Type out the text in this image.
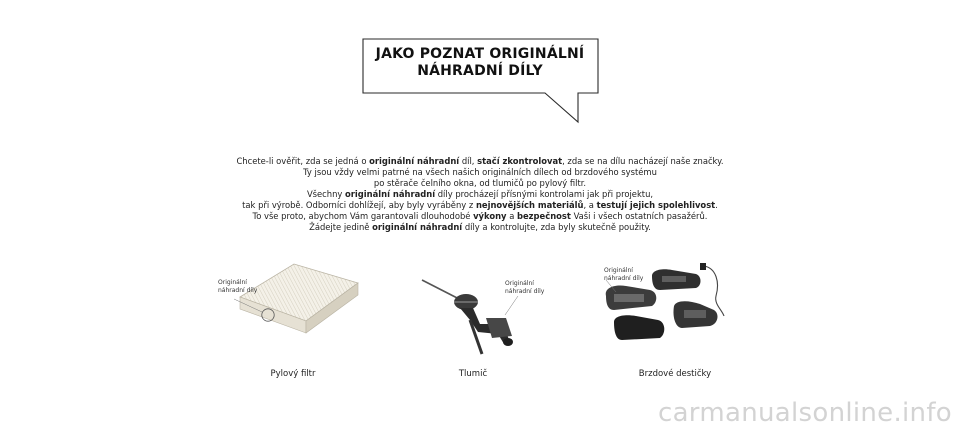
JAKO POZNAT ORIGINÁLNÍ
NÁHRADNÍ DÍLY

Chcete-li ověřit, zda se jedná o originální náhradní díl, stačí zkontrolovat, zda se na dílu nacházejí naše značky.

Ty jsou vždy velmi patrné na všech našich originálních dílech od brzdového systému

po stěrače čelního okna, od tlumičů po pylový filtr.

Všechny originální náhradní díly procházejí přísnými kontrolami jak při projektu,

tak při výrobě. Odborníci dohlížejí, aby byly vyráběny z nejnovějších materiálů, a testují jejich spolehlivost.

To vše proto, abychom Vám garantovali dlouhodobé výkony a bezpečnost Vaši i všech ostatních pasažérů.

Žádejte jedině originální náhradní díly a kontrolujte, zda byly skutečně použity.

Originální
náhradní díly
Pylový filtr
Originální
náhradní díly
Tlumič
Originální
náhradní díly
Brzdové destičky
carmanualsonline.info
